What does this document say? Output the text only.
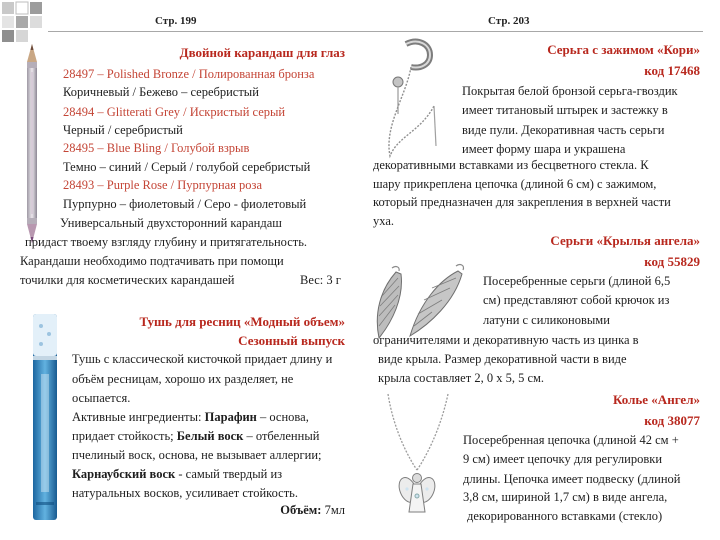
Стр. 199	Стр. 203
Двойной карандаш для глаз
28497 – Polished Bronze / Полированная бронза
Коричневый / Бежево – серебристый
28494 – Glitterati Grey / Искристый серый
Черный / серебристый
28495 – Blue Bling / Голубой взрыв
Темно – синий / Серый / голубой серебристый
28493 – Purple Rose / Пурпурная роза
Пурпурно – фиолетовый / Серо - фиолетовый
Универсальный двухсторонний карандаш
придаст твоему взгляду глубину и притягательность.
Карандаши необходимо подтачивать при помощи
точилки для косметических карандашей	Вес: 3 г
Тушь для ресниц «Модный объем»
Сезонный выпуск
Тушь с классической кисточкой придает длину и
объём ресницам, хорошо их разделяет, не
осыпается.
Активные ингредиенты: Парафин – основа,
придает стойкость; Белый воск – отбеленный
пчелиный воск, основа, не вызывает аллергии;
Карнаубский воск - самый твердый из
натуральных восков, усиливает стойкость.
Объём: 7мл
Серьга с зажимом «Кори»
код 17468
Покрытая белой бронзой серьга-гвоздик
имеет титановый штырек и застежку в
виде пули. Декоративная часть серьги
имеет форму шара и украшена
декоративными вставками из бесцветного стекла. К
шару прикреплена цепочка (длиной 6 см) с зажимом,
который предназначен для закрепления в верхней части
уха.
Серьги «Крылья ангела»
код 55829
Посеребренные серьги (длиной 6,5
см) представляют собой крючок из
латуни с силиконовыми
ограничителями и декоративную часть из цинка в
виде крыла. Размер декоративной части в виде
крыла составляет 2, 0 х 5, 5 см.
Колье «Ангел»
код 38077
Посеребренная цепочка (длиной 42 см +
9 см) имеет цепочку для регулировки
длины. Цепочка имеет подвеску (длиной
3,8 см, шириной 1,7 см) в виде ангела,
декорированного вставками (стекло)
